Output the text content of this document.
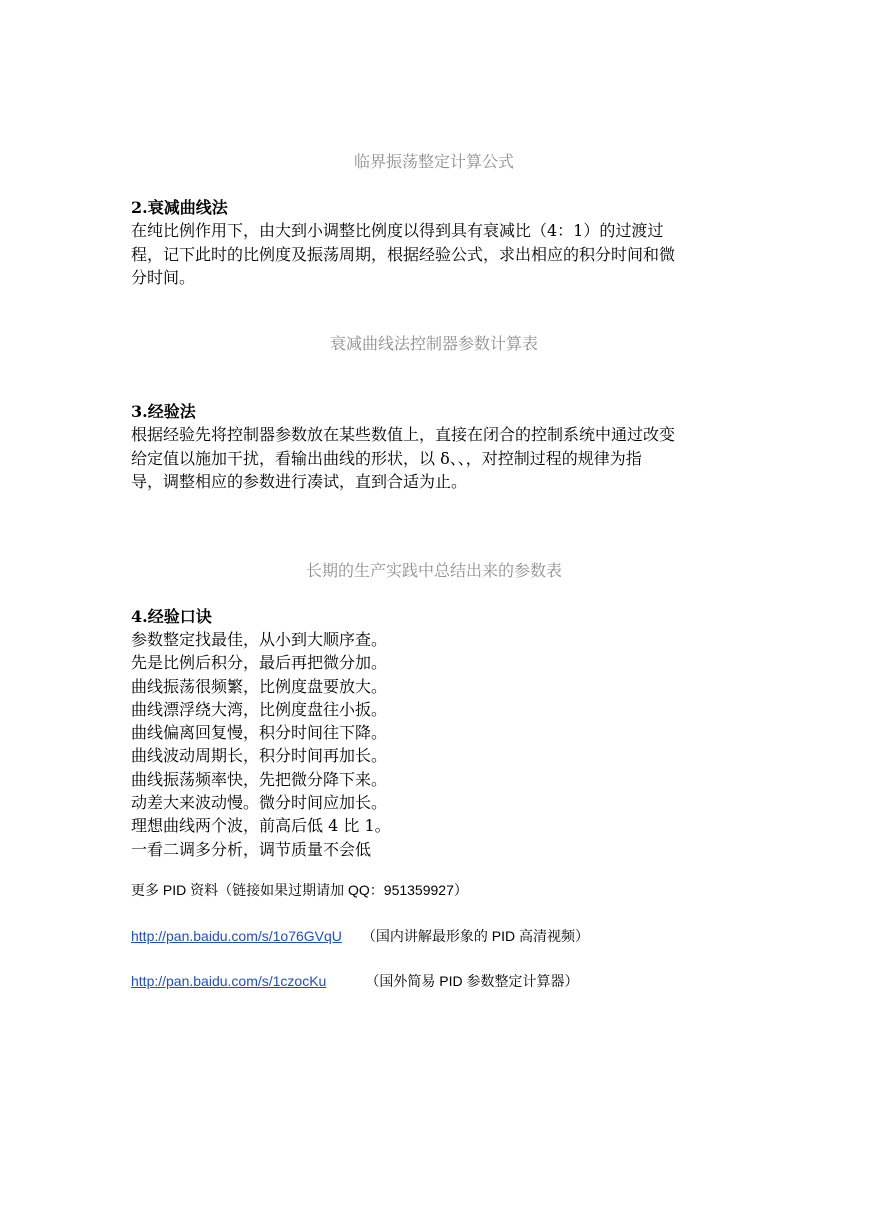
临界振荡整定计算公式
2.衰减曲线法
在纯比例作用下，由大到小调整比例度以得到具有衰减比（4：1）的过渡过
程，记下此时的比例度及振荡周期，根据经验公式，求出相应的积分时间和微
分时间。
衰减曲线法控制器参数计算表
3.经验法
根据经验先将控制器参数放在某些数值上，直接在闭合的控制系统中通过改变
给定值以施加干扰，看输出曲线的形状，以 δ、、，对控制过程的规律为指
导，调整相应的参数进行凑试，直到合适为止。
长期的生产实践中总结出来的参数表
4.经验口诀
参数整定找最佳，从小到大顺序查。
先是比例后积分，最后再把微分加。
曲线振荡很频繁，比例度盘要放大。
曲线漂浮绕大湾，比例度盘往小扳。
曲线偏离回复慢，积分时间往下降。
曲线波动周期长，积分时间再加长。
曲线振荡频率快，先把微分降下来。
动差大来波动慢。微分时间应加长。
理想曲线两个波，前高后低 4 比 1。
一看二调多分析，调节质量不会低
更多 PID 资料（链接如果过期请加 QQ：951359927）
http://pan.baidu.com/s/1o76GVqU （国内讲解最形象的 PID 高清视频）
http://pan.baidu.com/s/1czocKu	（国外简易 PID 参数整定计算器）
